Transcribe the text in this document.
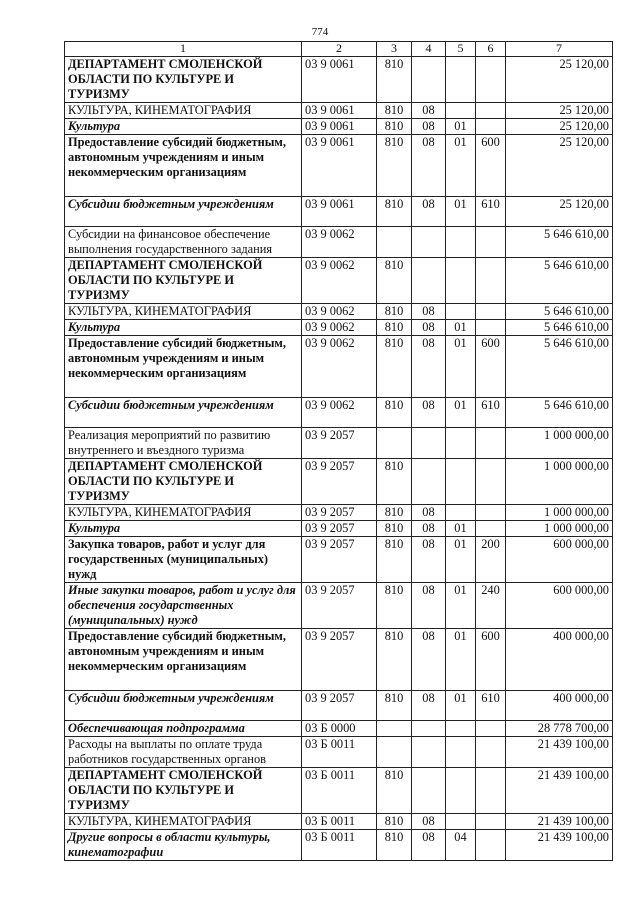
774
1	2	3	4	5	6	7
ДЕПАРТАМЕНТ СМОЛЕНСКОЙ ОБЛАСТИ ПО КУЛЬТУРЕ И ТУРИЗМУ	03 9 0061	810				25 120,00
КУЛЬТУРА, КИНЕМАТОГРАФИЯ	03 9 0061	810	08			25 120,00
Культура	03 9 0061	810	08	01		25 120,00
Предоставление субсидий бюджетным, автономным учреждениям и иным некоммерческим организациям	03 9 0061	810	08	01	600	25 120,00
Субсидии бюджетным учреждениям	03 9 0061	810	08	01	610	25 120,00
Субсидии на финансовое обеспечение выполнения государственного задания	03 9 0062					5 646 610,00
ДЕПАРТАМЕНТ СМОЛЕНСКОЙ ОБЛАСТИ ПО КУЛЬТУРЕ И ТУРИЗМУ	03 9 0062	810				5 646 610,00
КУЛЬТУРА, КИНЕМАТОГРАФИЯ	03 9 0062	810	08			5 646 610,00
Культура	03 9 0062	810	08	01		5 646 610,00
Предоставление субсидий бюджетным, автономным учреждениям и иным некоммерческим организациям	03 9 0062	810	08	01	600	5 646 610,00
Субсидии бюджетным учреждениям	03 9 0062	810	08	01	610	5 646 610,00
Реализация мероприятий по развитию внутреннего и въездного туризма	03 9 2057					1 000 000,00
ДЕПАРТАМЕНТ СМОЛЕНСКОЙ ОБЛАСТИ ПО КУЛЬТУРЕ И ТУРИЗМУ	03 9 2057	810				1 000 000,00
КУЛЬТУРА, КИНЕМАТОГРАФИЯ	03 9 2057	810	08			1 000 000,00
Культура	03 9 2057	810	08	01		1 000 000,00
Закупка товаров, работ и услуг для государственных (муниципальных) нужд	03 9 2057	810	08	01	200	600 000,00
Иные закупки товаров, работ и услуг для обеспечения государственных (муниципальных) нужд	03 9 2057	810	08	01	240	600 000,00
Предоставление субсидий бюджетным, автономным учреждениям и иным некоммерческим организациям	03 9 2057	810	08	01	600	400 000,00
Субсидии бюджетным учреждениям	03 9 2057	810	08	01	610	400 000,00
Обеспечивающая подпрограмма	03 Б 0000					28 778 700,00
Расходы на выплаты по оплате труда работников государственных органов	03 Б 0011					21 439 100,00
ДЕПАРТАМЕНТ СМОЛЕНСКОЙ ОБЛАСТИ ПО КУЛЬТУРЕ И ТУРИЗМУ	03 Б 0011	810				21 439 100,00
КУЛЬТУРА, КИНЕМАТОГРАФИЯ	03 Б 0011	810	08			21 439 100,00
Другие вопросы в области культуры, кинематографии	03 Б 0011	810	08	04		21 439 100,00
